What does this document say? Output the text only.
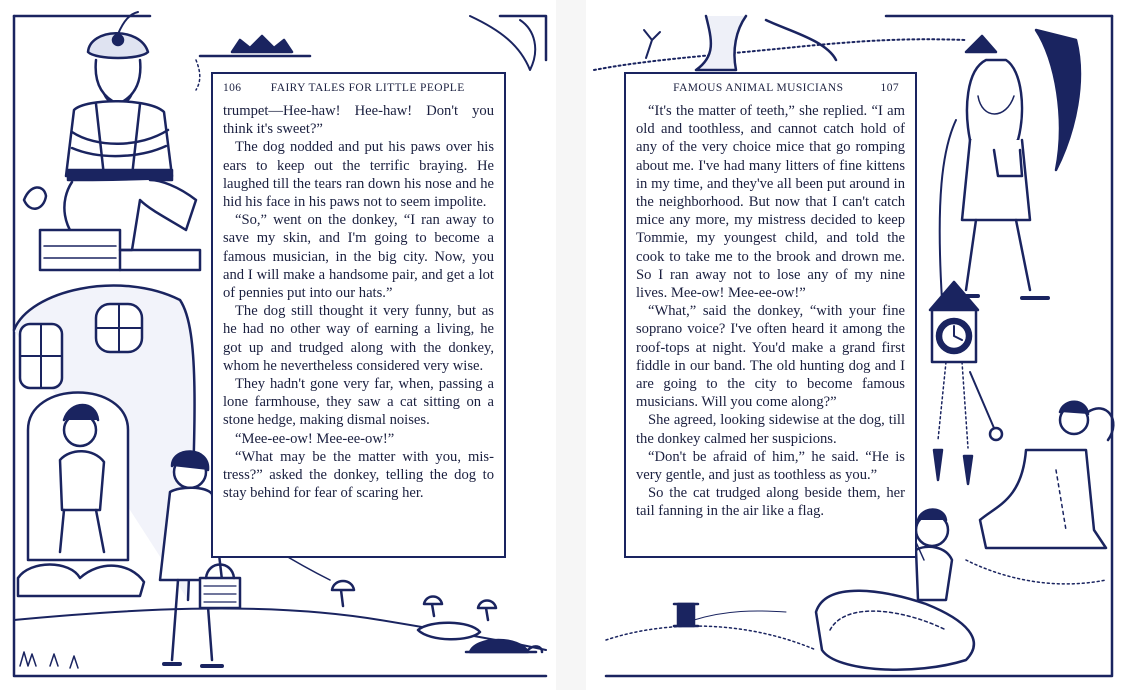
106	FAIRY TALES FOR LITTLE PEOPLE

trumpet—Hee-haw! Hee-haw! Don't you think it's sweet?”

The dog nodded and put his paws over his ears to keep out the terrific braying. He laughed till the tears ran down his nose and he hid his face in his paws not to seem impolite.

“So,” went on the donkey, “I ran away to save my skin, and I'm going to become a famous musician, in the big city. Now, you and I will make a handsome pair, and get a lot of pennies put into our hats.”

The dog still thought it very funny, but as he had no other way of earning a living, he got up and trudged along with the donkey, whom he nevertheless considered very wise.

They hadn't gone very far, when, passing a lone farmhouse, they saw a cat sitting on a stone hedge, making dismal noises.

“Mee-ee-ow! Mee-ee-ow!”

“What may be the matter with you, mistress?” asked the donkey, telling the dog to stay behind for fear of scaring her.

FAMOUS ANIMAL MUSICIANS	107

“It's the matter of teeth,” she replied. “I am old and toothless, and cannot catch hold of any of the very choice mice that go romping about me. I've had many litters of fine kittens in my time, and they've all been put around in the neighborhood. But now that I can't catch mice any more, my mistress decided to keep Tommie, my youngest child, and told the cook to take me to the brook and drown me. So I ran away not to lose any of my nine lives. Mee-ow! Mee-ee-ow!”

“What,” said the donkey, “with your fine soprano voice? I've often heard it among the roof-tops at night. You'd make a grand first fiddle in our band. The old hunting dog and I are going to the city to become famous musicians. Will you come along?”

She agreed, looking sidewise at the dog, till the donkey calmed her suspicions.

“Don't be afraid of him,” he said. “He is very gentle, and just as toothless as you.”

So the cat trudged along beside them, her tail fanning in the air like a flag.
